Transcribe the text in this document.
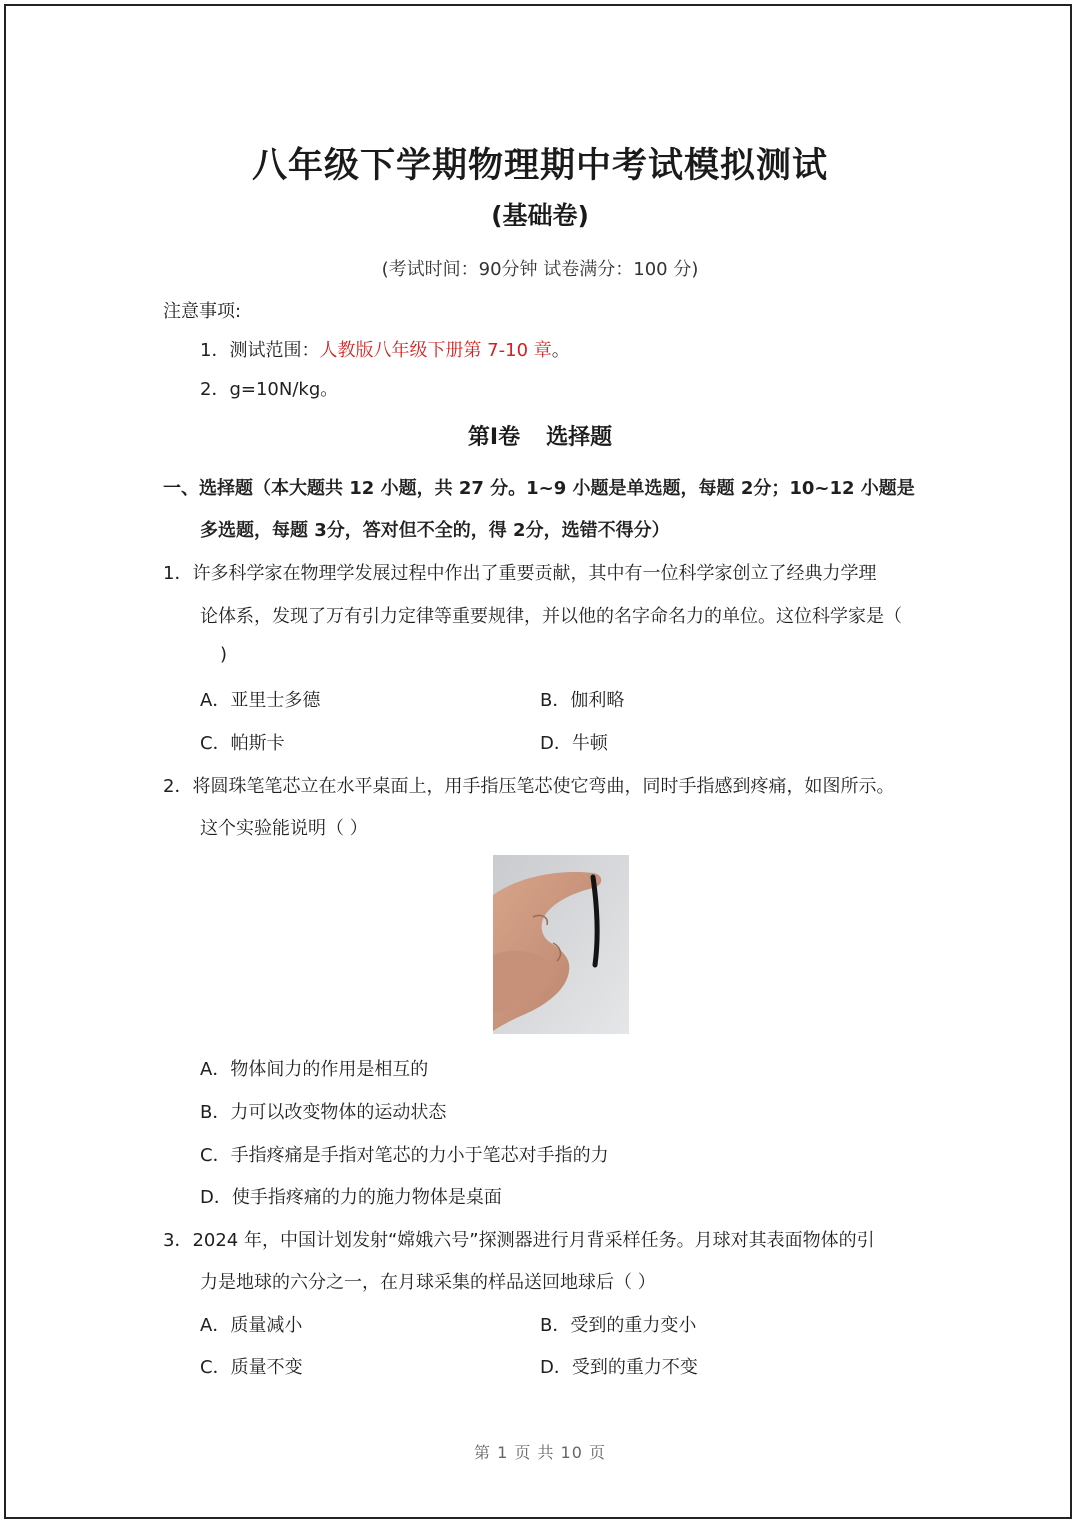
八年级下学期物理期中考试模拟测试
(基础卷)
(考试时间：90分钟 试卷满分：100 分)
注意事项:
1．测试范围：人教版八年级下册第 7-10 章。
2．g=10N/kg。
第Ⅰ卷 选择题
一、选择题（本大题共 12 小题，共 27 分。1~9 小题是单选题，每题 2分；10~12 小题是
多选题，每题 3分，答对但不全的，得 2分，选错不得分）
1．许多科学家在物理学发展过程中作出了重要贡献，其中有一位科学家创立了经典力学理
论体系，发现了万有引力定律等重要规律，并以他的名字命名力的单位。这位科学家是（
)
A．亚里士多德	B．伽利略
C．帕斯卡	D．牛顿
2．将圆珠笔笔芯立在水平桌面上，用手指压笔芯使它弯曲，同时手指感到疼痛，如图所示。
这个实验能说明（ ）
A．物体间力的作用是相互的
B．力可以改变物体的运动状态
C．手指疼痛是手指对笔芯的力小于笔芯对手指的力
D．使手指疼痛的力的施力物体是桌面
3．2024 年，中国计划发射“嫦娥六号”探测器进行月背采样任务。月球对其表面物体的引
力是地球的六分之一，在月球采集的样品送回地球后（ ）
A．质量减小	B．受到的重力变小
C．质量不变	D．受到的重力不变
第 1 页 共 10 页
